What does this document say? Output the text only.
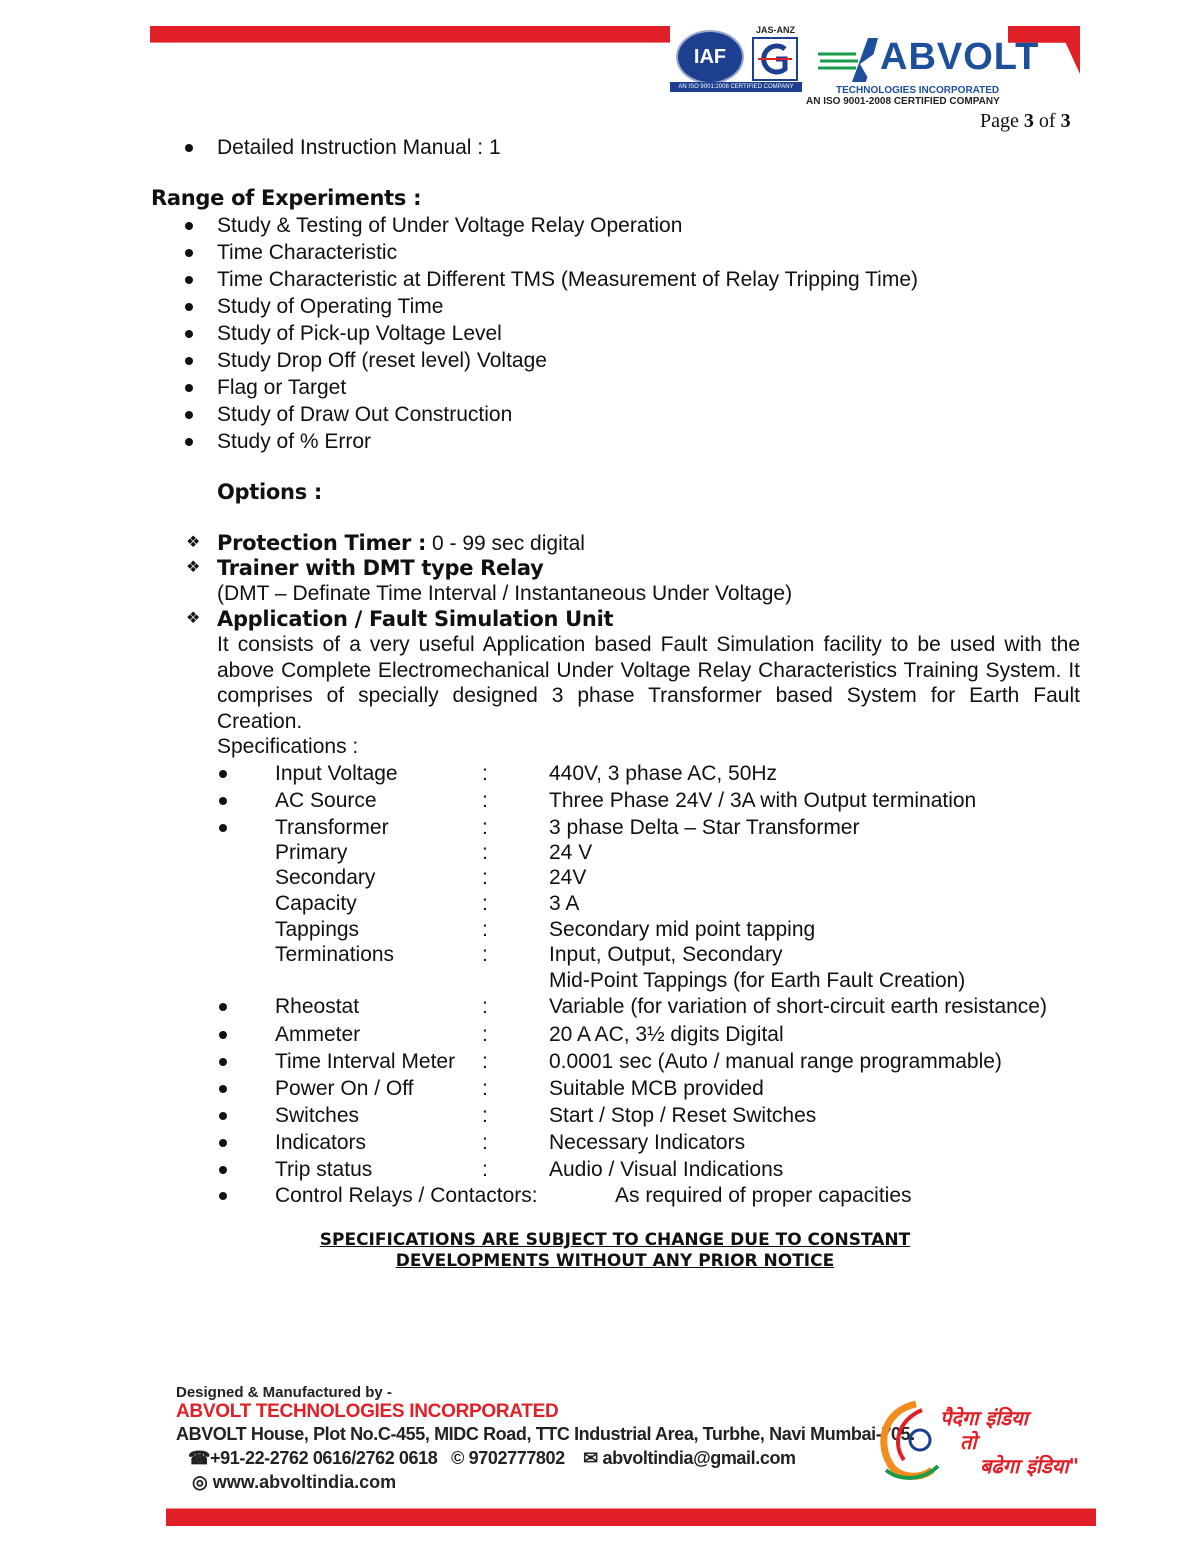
IAF
AN ISO 9001:2008 CERTIFIED COMPANY
JAS-ANZ
ABVOLT
TECHNOLOGIES INCORPORATED
AN ISO 9001-2008 CERTIFIED COMPANY
Page 3 of 3
Detailed Instruction Manual : 1
Range of Experiments :
Study & Testing of Under Voltage Relay Operation
Time Characteristic
Time Characteristic at Different TMS (Measurement of Relay Tripping Time)
Study of Operating Time
Study of Pick-up Voltage Level
Study Drop Off (reset level) Voltage
Flag or Target
Study of Draw Out Construction
Study of % Error
Options :
❖ Protection Timer : 0 - 99 sec digital
❖ Trainer with DMT type Relay
(DMT – Definate Time Interval / Instantaneous Under Voltage)
❖ Application / Fault Simulation Unit
It consists of a very useful Application based Fault Simulation facility to be used with the above Complete Electromechanical Under Voltage Relay Characteristics Training System. It comprises of specially designed 3 phase Transformer based System for Earth Fault Creation.
Specifications :
Input Voltage	:	440V, 3 phase AC, 50Hz
AC Source	:	Three Phase 24V / 3A with Output termination
Transformer	:	3 phase Delta – Star Transformer
Primary	:	24 V
Secondary	:	24V
Capacity	:	3 A
Tappings	:	Secondary mid point tapping
Terminations	:	Input, Output, Secondary
Mid-Point Tappings (for Earth Fault Creation)
Rheostat	:	Variable (for variation of short-circuit earth resistance)
Ammeter	:	20 A AC, 3½ digits Digital
Time Interval Meter :	0.0001 sec (Auto / manual range programmable)
Power On / Off	:	Suitable MCB provided
Switches	:	Start / Stop / Reset Switches
Indicators	:	Necessary Indicators
Trip status	:	Audio / Visual Indications
Control Relays / Contactors:	As required of proper capacities
SPECIFICATIONS ARE SUBJECT TO CHANGE DUE TO CONSTANT
DEVELOPMENTS WITHOUT ANY PRIOR NOTICE
Designed & Manufactured by -
ABVOLT TECHNOLOGIES INCORPORATED
ABVOLT House, Plot No.C-455, MIDC Road, TTC Industrial Area, Turbhe, Navi Mumbai-705.
☎+91-22-2762 0616/2762 0618 © 9702777802 ✉ abvoltindia@gmail.com
◎ www.abvoltindia.com
पैदेगा इंडिया
तो
बढेगा इंडिया"
